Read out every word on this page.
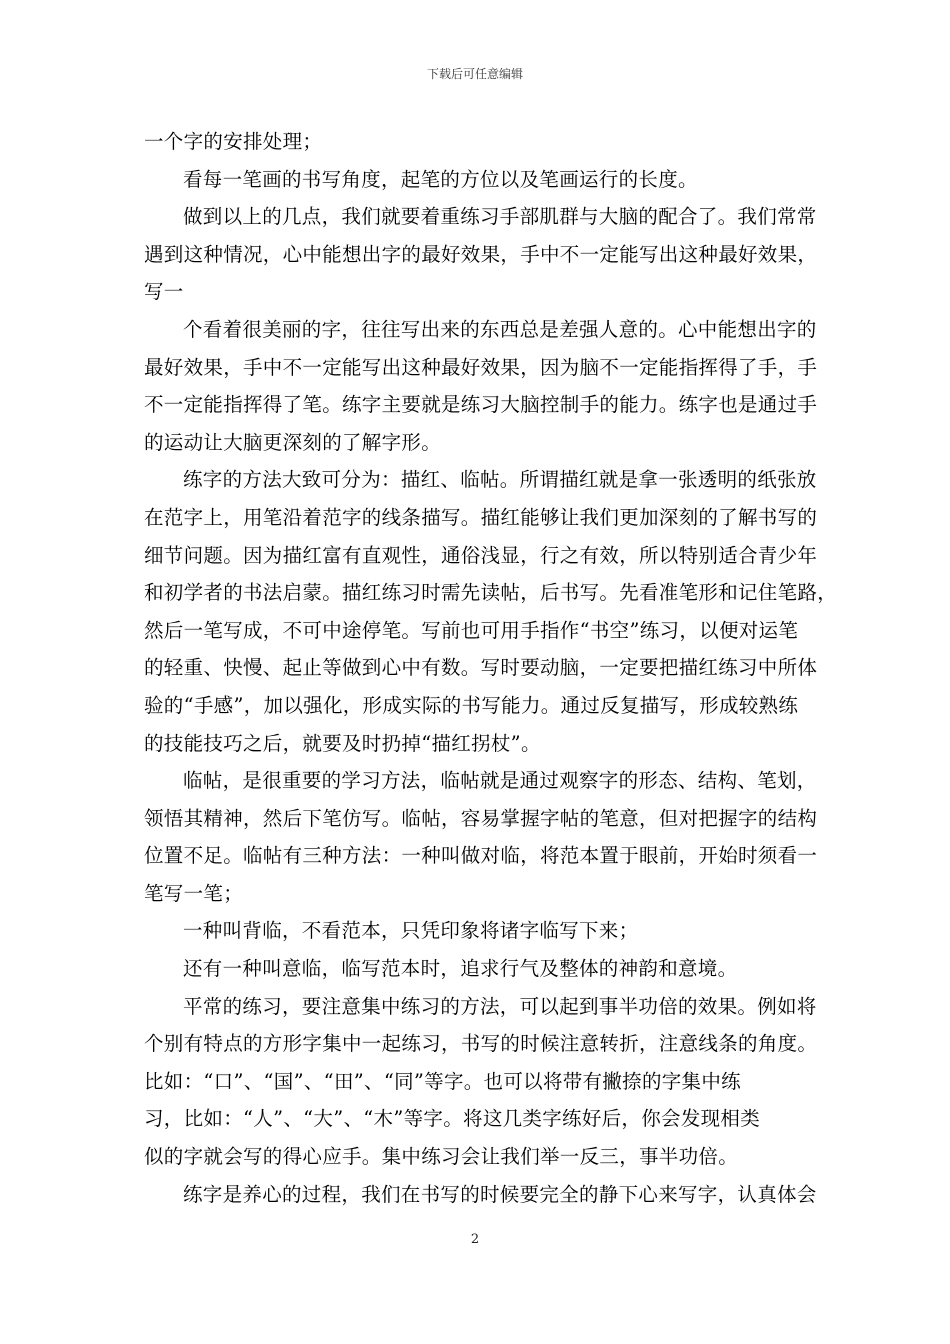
下载后可任意编辑

一个字的安排处理；

看每一笔画的书写角度，起笔的方位以及笔画运行的长度。

做到以上的几点，我们就要着重练习手部肌群与大脑的配合了。我们常常

遇到这种情况，心中能想出字的最好效果，手中不一定能写出这种最好效果，

写一

个看着很美丽的字，往往写出来的东西总是差强人意的。心中能想出字的

最好效果，手中不一定能写出这种最好效果，因为脑不一定能指挥得了手，手

不一定能指挥得了笔。练字主要就是练习大脑控制手的能力。练字也是通过手

的运动让大脑更深刻的了解字形。

练字的方法大致可分为：描红、临帖。所谓描红就是拿一张透明的纸张放

在范字上，用笔沿着范字的线条描写。描红能够让我们更加深刻的了解书写的

细节问题。因为描红富有直观性，通俗浅显，行之有效，所以特别适合青少年

和初学者的书法启蒙。描红练习时需先读帖，后书写。先看准笔形和记住笔路，

然后一笔写成，不可中途停笔。写前也可用手指作“书空”练习，以便对运笔

的轻重、快慢、起止等做到心中有数。写时要动脑，一定要把描红练习中所体

验的“手感”，加以强化，形成实际的书写能力。通过反复描写，形成较熟练

的技能技巧之后，就要及时扔掉“描红拐杖”。

临帖，是很重要的学习方法，临帖就是通过观察字的形态、结构、笔划，

领悟其精神，然后下笔仿写。临帖，容易掌握字帖的笔意，但对把握字的结构

位置不足。临帖有三种方法：一种叫做对临，将范本置于眼前，开始时须看一

笔写一笔；

一种叫背临，不看范本，只凭印象将诸字临写下来；

还有一种叫意临，临写范本时，追求行气及整体的神韵和意境。

平常的练习，要注意集中练习的方法，可以起到事半功倍的效果。例如将

个别有特点的方形字集中一起练习，书写的时候注意转折，注意线条的角度。

比如：“口”、“国”、“田”、“同”等字。也可以将带有撇捺的字集中练

习，比如：“人”、“大”、“木”等字。将这几类字练好后，你会发现相类

似的字就会写的得心应手。集中练习会让我们举一反三，事半功倍。

练字是养心的过程，我们在书写的时候要完全的静下心来写字，认真体会

2
